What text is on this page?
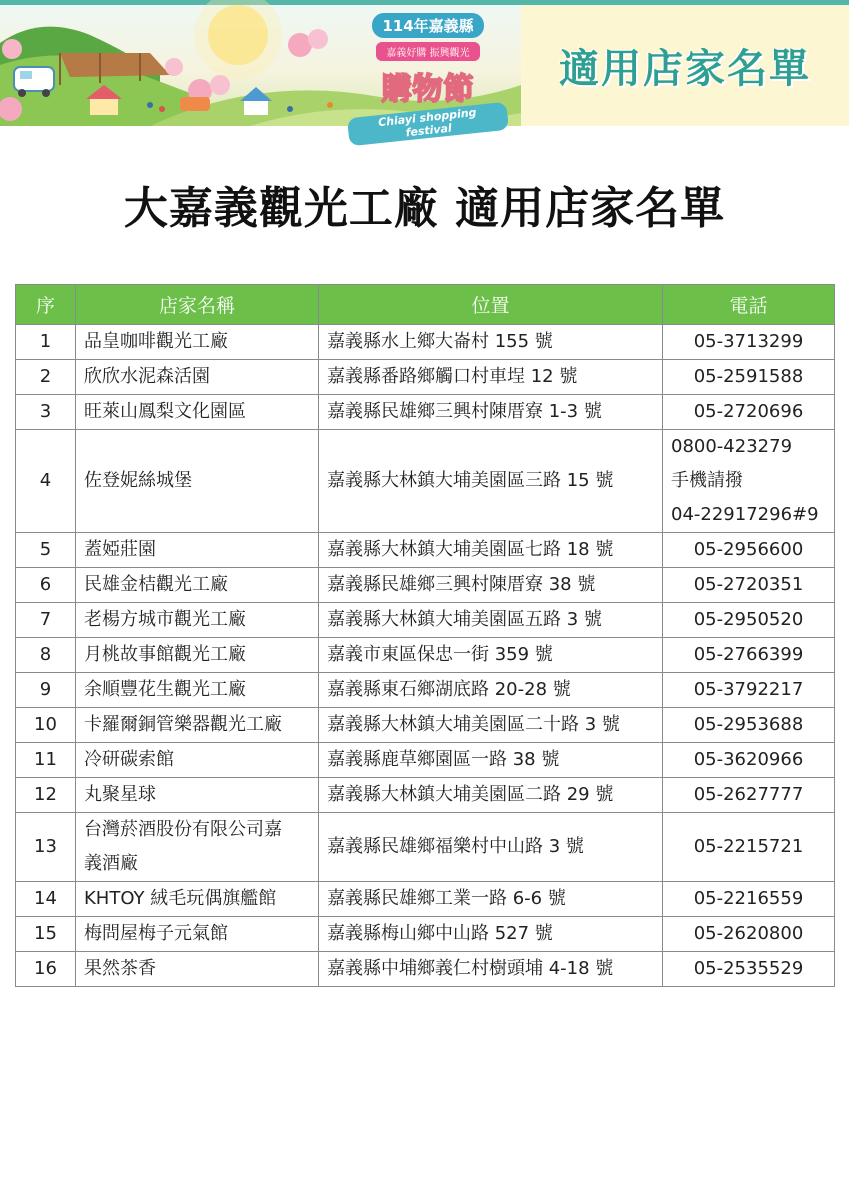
114年嘉義縣
嘉義好購 振興觀光
購物節
Chiayi shopping festival
適用店家名單
大嘉義觀光工廠 適用店家名單
序	店家名稱	位置	電話
1	品皇咖啡觀光工廠	嘉義縣水上鄉大崙村 155 號	05-3713299
2	欣欣水泥森活園	嘉義縣番路鄉觸口村車埕 12 號	05-2591588
3	旺萊山鳳梨文化園區	嘉義縣民雄鄉三興村陳厝寮 1-3 號	05-2720696
4	佐登妮絲城堡	嘉義縣大林鎮大埔美園區三路 15 號	0800-423279
手機請撥
04-22917296#9

5	蓋婭莊園	嘉義縣大林鎮大埔美園區七路 18 號	05-2956600
6	民雄金桔觀光工廠	嘉義縣民雄鄉三興村陳厝寮 38 號	05-2720351
7	老楊方城市觀光工廠	嘉義縣大林鎮大埔美園區五路 3 號	05-2950520
8	月桃故事館觀光工廠	嘉義市東區保忠一街 359 號	05-2766399
9	余順豐花生觀光工廠	嘉義縣東石鄉湖底路 20-28 號	05-3792217
10	卡羅爾銅管樂器觀光工廠	嘉義縣大林鎮大埔美園區二十路 3 號	05-2953688
11	冷研碳索館	嘉義縣鹿草鄉園區一路 38 號	05-3620966
12	丸聚星球	嘉義縣大林鎮大埔美園區二路 29 號	05-2627777
13	台灣菸酒股份有限公司嘉
義酒廠	嘉義縣民雄鄉福樂村中山路 3 號	05-2215721
14	KHTOY 絨毛玩偶旗艦館	嘉義縣民雄鄉工業一路 6-6 號	05-2216559
15	梅問屋梅子元氣館	嘉義縣梅山鄉中山路 527 號	05-2620800
16	果然茶香	嘉義縣中埔鄉義仁村樹頭埔 4-18 號	05-2535529
